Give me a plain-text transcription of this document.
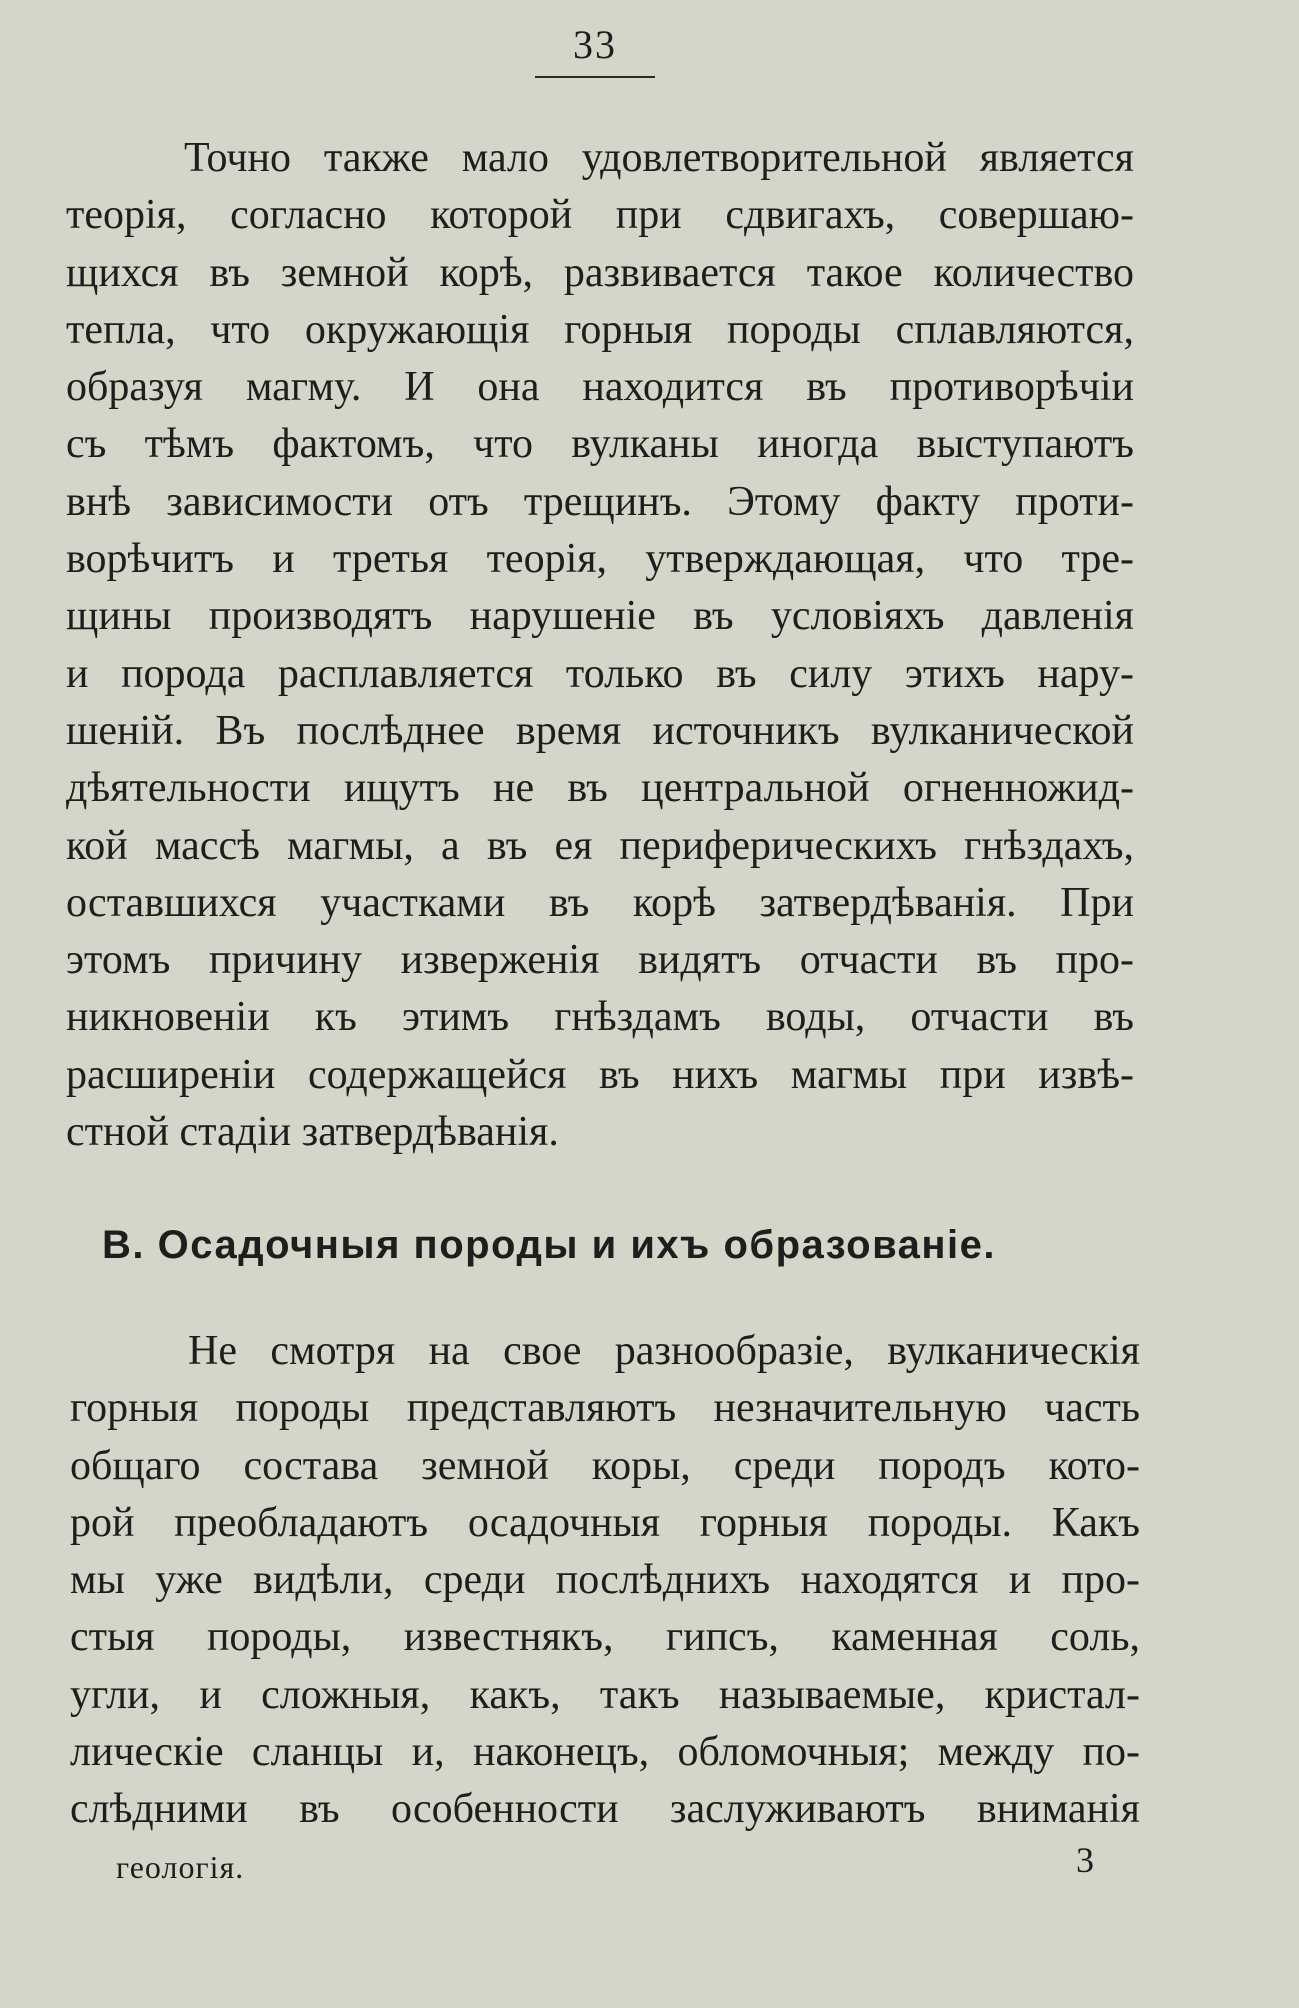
33
Точно также мало удовлетворительной является
теорія, согласно которой при сдвигахъ, совершаю-
щихся въ земной корѣ, развивается такое количество
тепла, что окружающія горныя породы сплавляются,
образуя магму. И она находится въ противорѣчіи
съ тѣмъ фактомъ, что вулканы иногда выступаютъ
внѣ зависимости отъ трещинъ. Этому факту проти-
ворѣчитъ и третья теорія, утверждающая, что тре-
щины производятъ нарушеніе въ условіяхъ давленія
и порода расплавляется только въ силу этихъ нару-
шеній. Въ послѣднее время источникъ вулканической
дѣятельности ищутъ не въ центральной огненножид-
кой массѣ магмы, а въ ея периферическихъ гнѣздахъ,
оставшихся участками въ корѣ затвердѣванія. При
этомъ причину изверженія видятъ отчасти въ про-
никновеніи къ этимъ гнѣздамъ воды, отчасти въ
расширеніи содержащейся въ нихъ магмы при извѣ-
стной стадіи затвердѣванія.
В. Осадочныя породы и ихъ образованіе.
Не смотря на свое разнообразіе, вулканическія
горныя породы представляютъ незначительную часть
общаго состава земной коры, среди породъ кото-
рой преобладаютъ осадочныя горныя породы. Какъ
мы уже видѣли, среди послѣднихъ находятся и про-
стыя породы, известнякъ, гипсъ, каменная соль,
угли, и сложныя, какъ, такъ называемые, кристал-
лическіе сланцы и, наконецъ, обломочныя; между по-
слѣдними въ особенности заслуживаютъ вниманія
геологія.	3
